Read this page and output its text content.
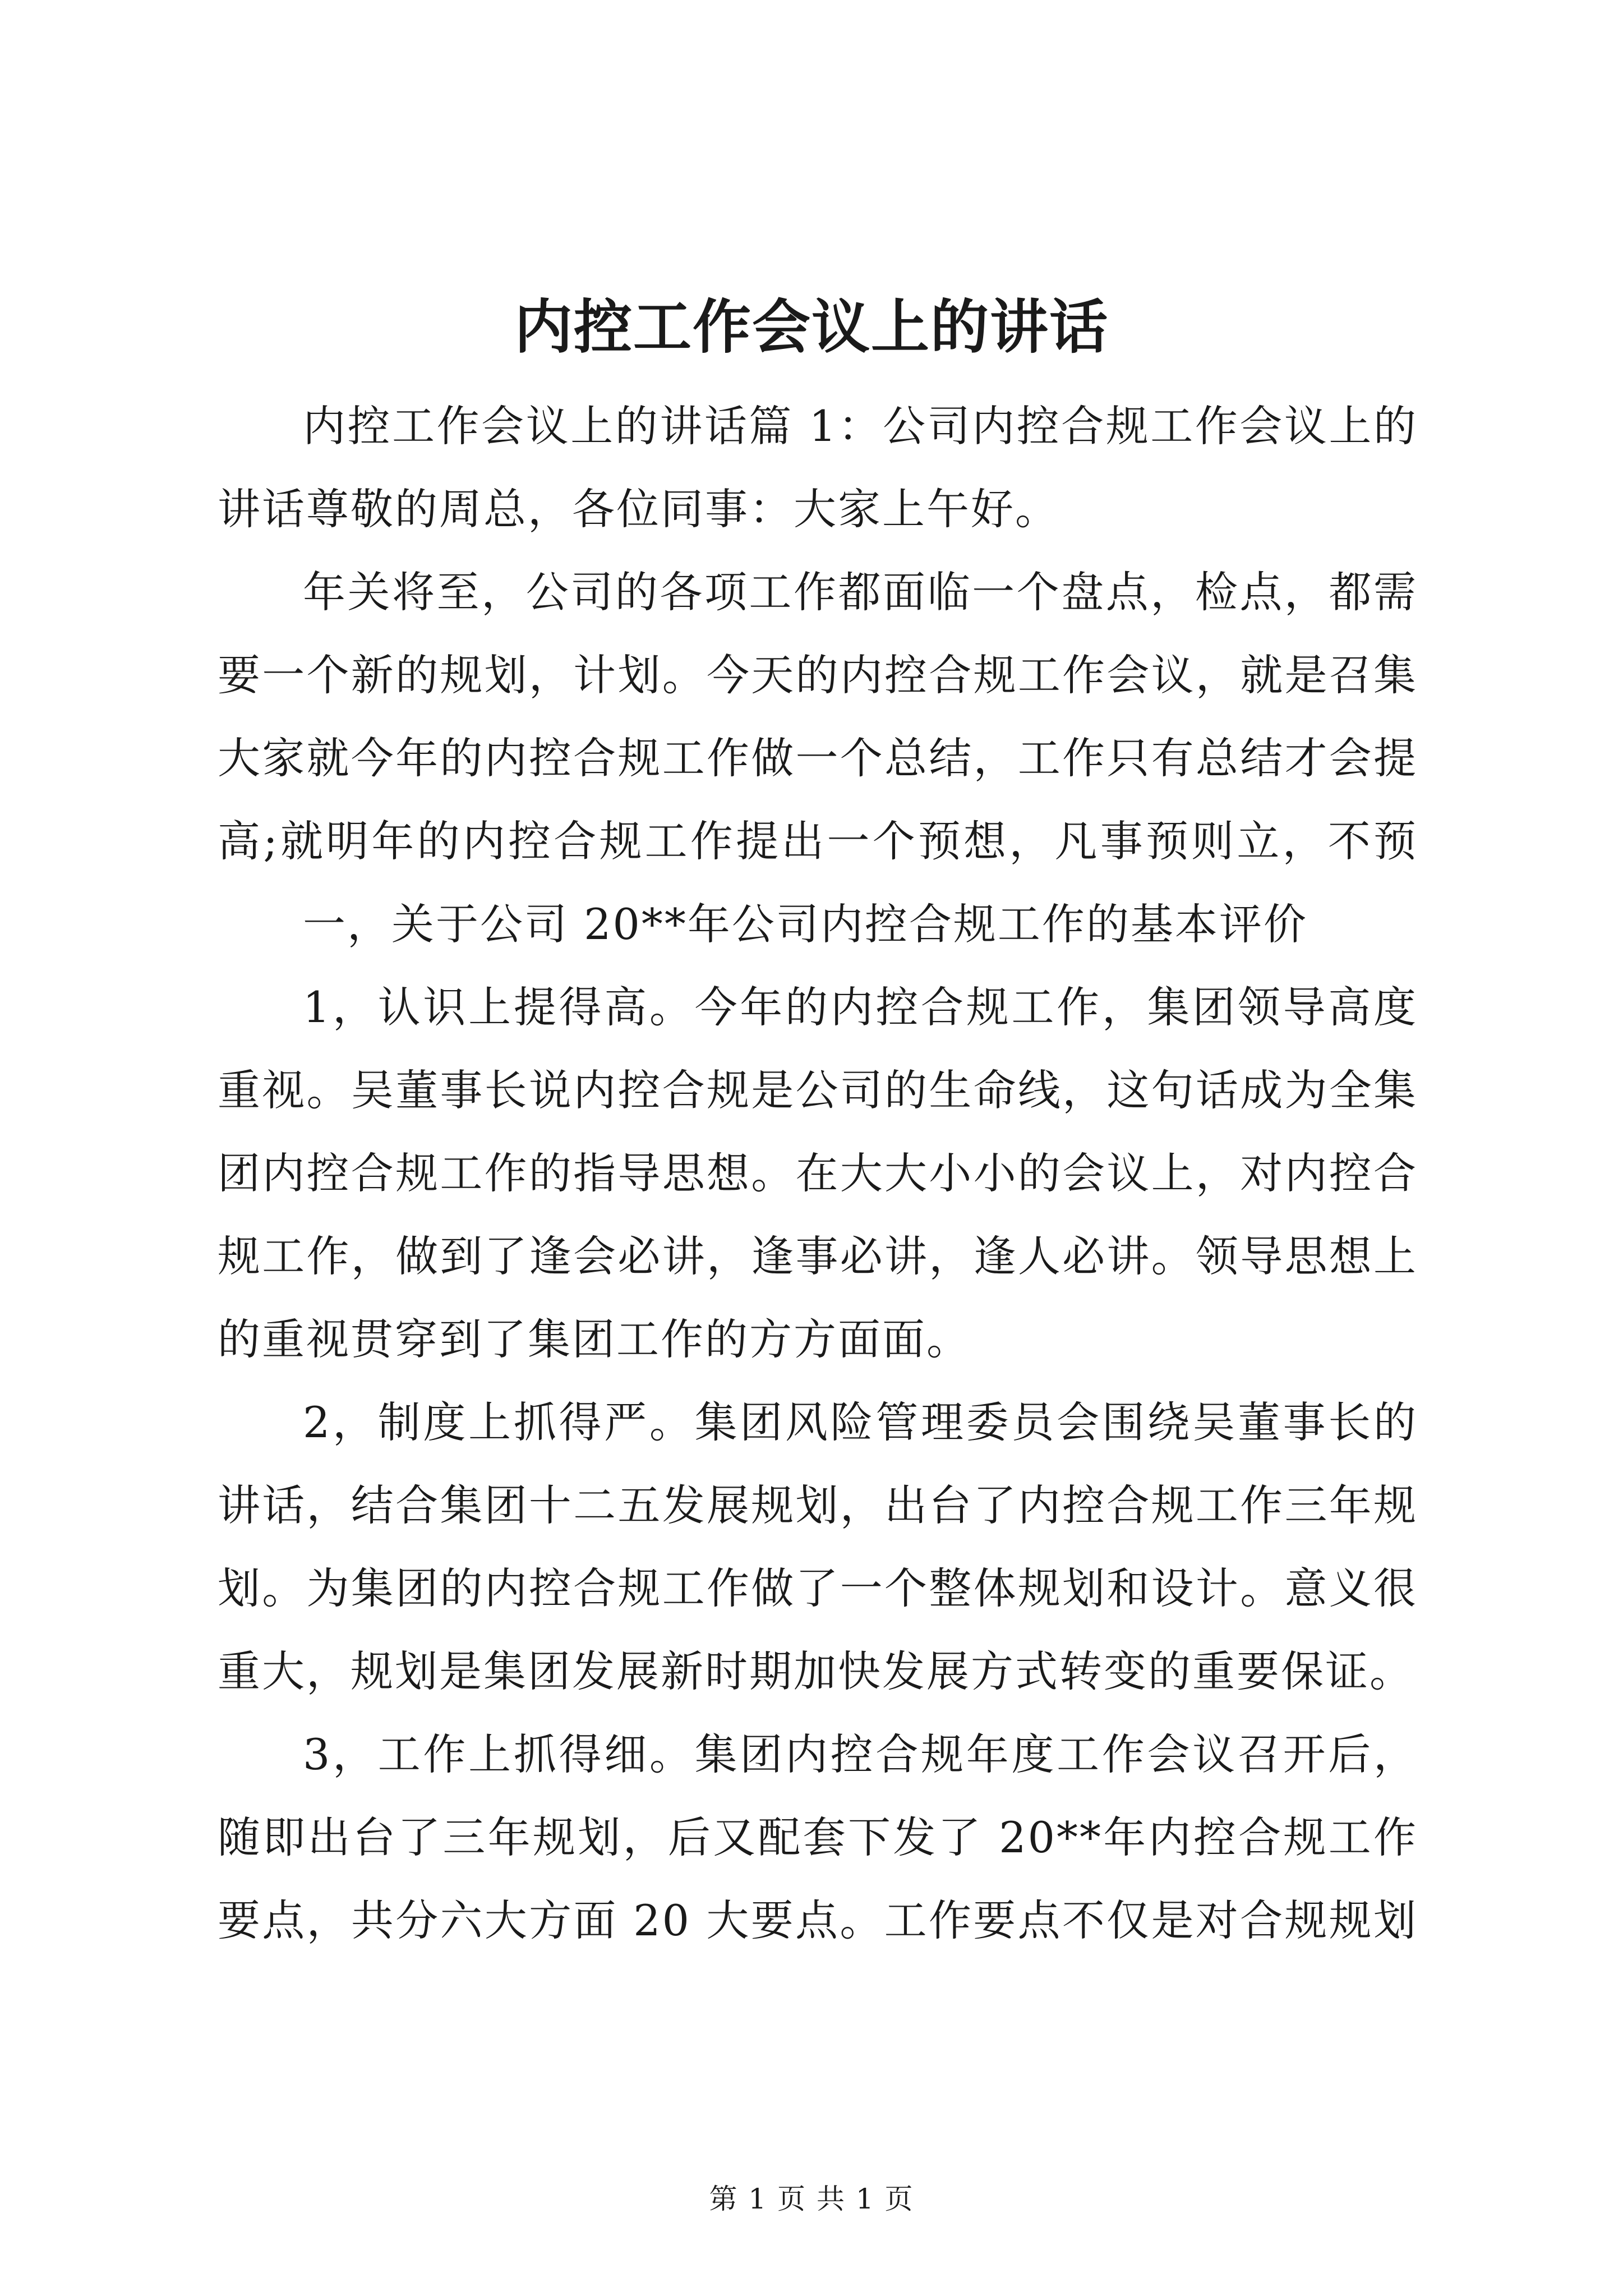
内控工作会议上的讲话

内控工作会议上的讲话篇 1：公司内控合规工作会议上的讲话尊敬的周总，各位同事：大家上午好。

年关将至，公司的各项工作都面临一个盘点，检点，都需要一个新的规划，计划。今天的内控合规工作会议，就是召集大家就今年的内控合规工作做一个总结，工作只有总结才会提高;就明年的内控合规工作提出一个预想，凡事预则立，不预

一，关于公司 20**年公司内控合规工作的基本评价

1，认识上提得高。今年的内控合规工作，集团领导高度重视。吴董事长说内控合规是公司的生命线，这句话成为全集团内控合规工作的指导思想。在大大小小的会议上，对内控合规工作，做到了逢会必讲，逢事必讲，逢人必讲。领导思想上的重视贯穿到了集团工作的方方面面。

2，制度上抓得严。集团风险管理委员会围绕吴董事长的讲话，结合集团十二五发展规划，出台了内控合规工作三年规划。为集团的内控合规工作做了一个整体规划和设计。意义很重大，规划是集团发展新时期加快发展方式转变的重要保证。

3，工作上抓得细。集团内控合规年度工作会议召开后，随即出台了三年规划，后又配套下发了 20**年内控合规工作要点，共分六大方面 20 大要点。工作要点不仅是对合规规划

第 1 页 共 1 页
